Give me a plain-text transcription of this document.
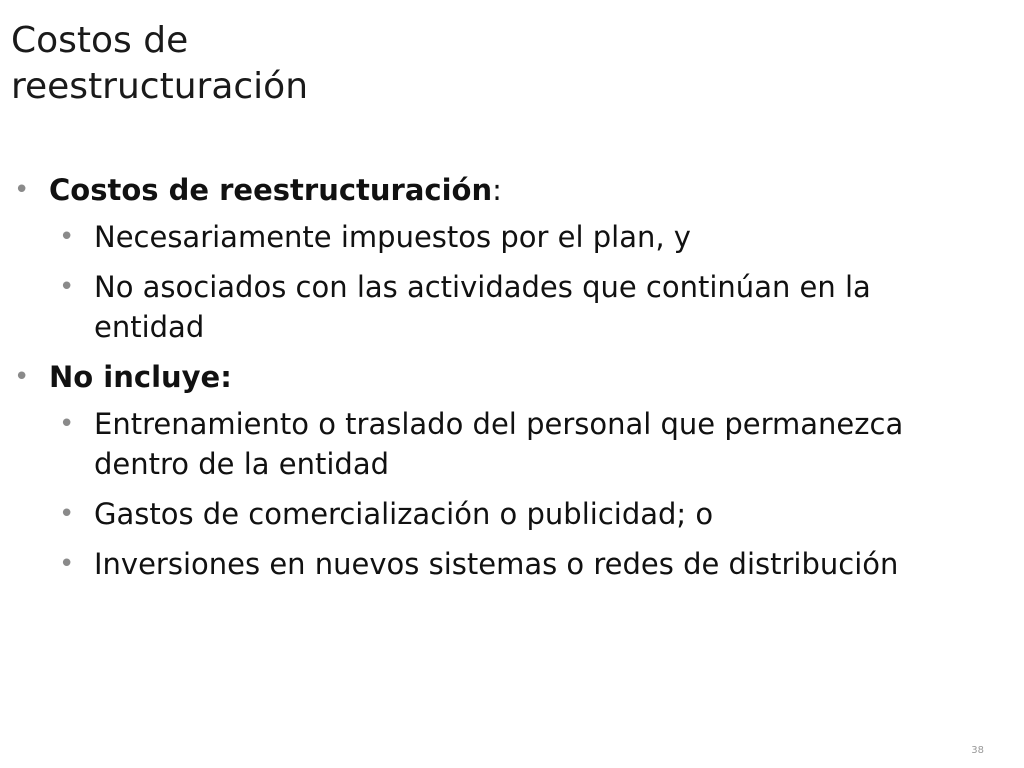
Costos de
reestructuración
• Costos de reestructuración:
• Necesariamente impuestos por el plan, y
• No asociados con las actividades que continúan en la entidad
• No incluye:
• Entrenamiento o traslado del personal que permanezca dentro de la entidad
• Gastos de comercialización o publicidad; o
• Inversiones en nuevos sistemas o redes de distribución
38
